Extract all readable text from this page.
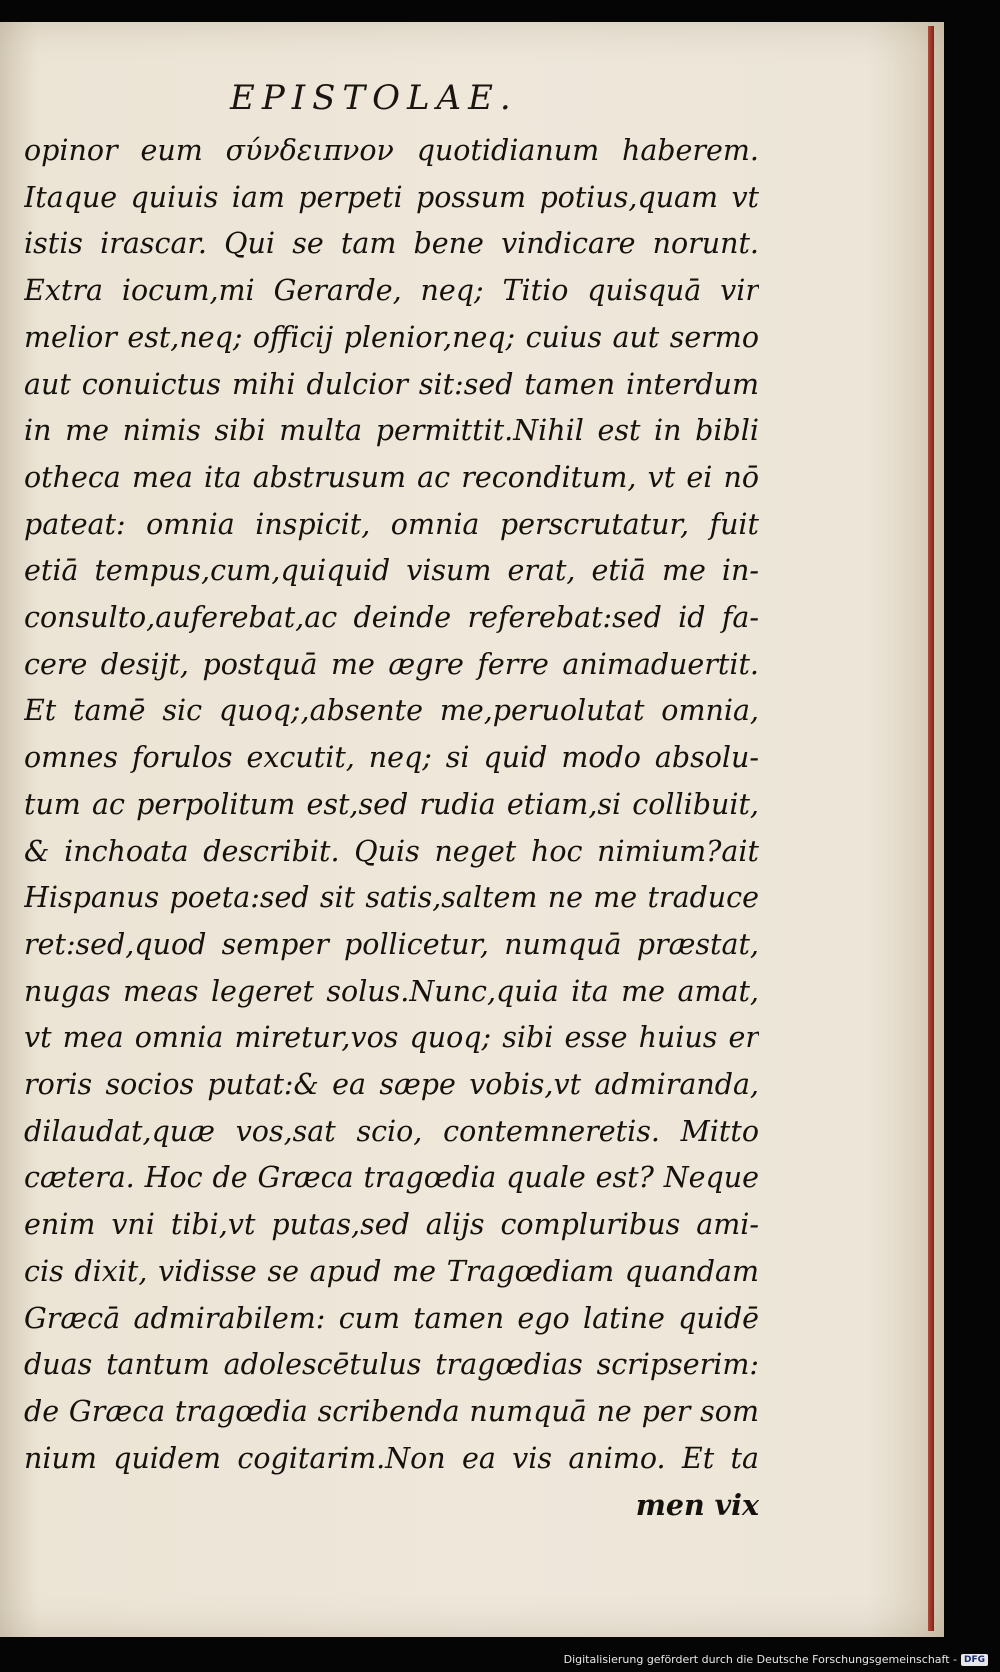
EPISTOLAE.
opinor eum σύνδειπνον quotidianum haberem.
Itaque quiuis iam perpeti possum potius,quam vt
istis irascar. Qui se tam bene vindicare norunt.
Extra iocum,mi Gerarde, neq; Titio quisquā vir
melior est,neq; officij plenior,neq; cuius aut sermo
aut conuictus mihi dulcior sit:sed tamen interdum
in me nimis sibi multa permittit.Nihil est in bibli
otheca mea ita abstrusum ac reconditum, vt ei nō
pateat: omnia inspicit, omnia perscrutatur, fuit
etiā tempus,cum,quiquid visum erat, etiā me in-
consulto,auferebat,ac deinde referebat:sed id fa-
cere desijt, postquā me ægre ferre animaduertit.
Et tamē sic quoq;,absente me,peruolutat omnia,
omnes forulos excutit, neq; si quid modo absolu-
tum ac perpolitum est,sed rudia etiam,si collibuit,
& inchoata describit. Quis neget hoc nimium?ait
Hispanus poeta:sed sit satis,saltem ne me traduce
ret:sed,quod semper pollicetur, numquā præstat,
nugas meas legeret solus.Nunc,quia ita me amat,
vt mea omnia miretur,vos quoq; sibi esse huius er
roris socios putat:& ea sæpe vobis,vt admiranda,
dilaudat,quæ vos,sat scio, contemneretis. Mitto
cætera. Hoc de Græca tragœdia quale est? Neque
enim vni tibi,vt putas,sed alijs compluribus ami-
cis dixit, vidisse se apud me Tragœdiam quandam
Græcā admirabilem: cum tamen ego latine quidē
duas tantum adolescētulus tragœdias scripserim:
de Græca tragœdia scribenda numquā ne per som
nium quidem cogitarim.Non ea vis animo. Et ta
men vix
Digitalisierung gefördert durch die Deutsche Forschungsgemeinschaft - DFG
